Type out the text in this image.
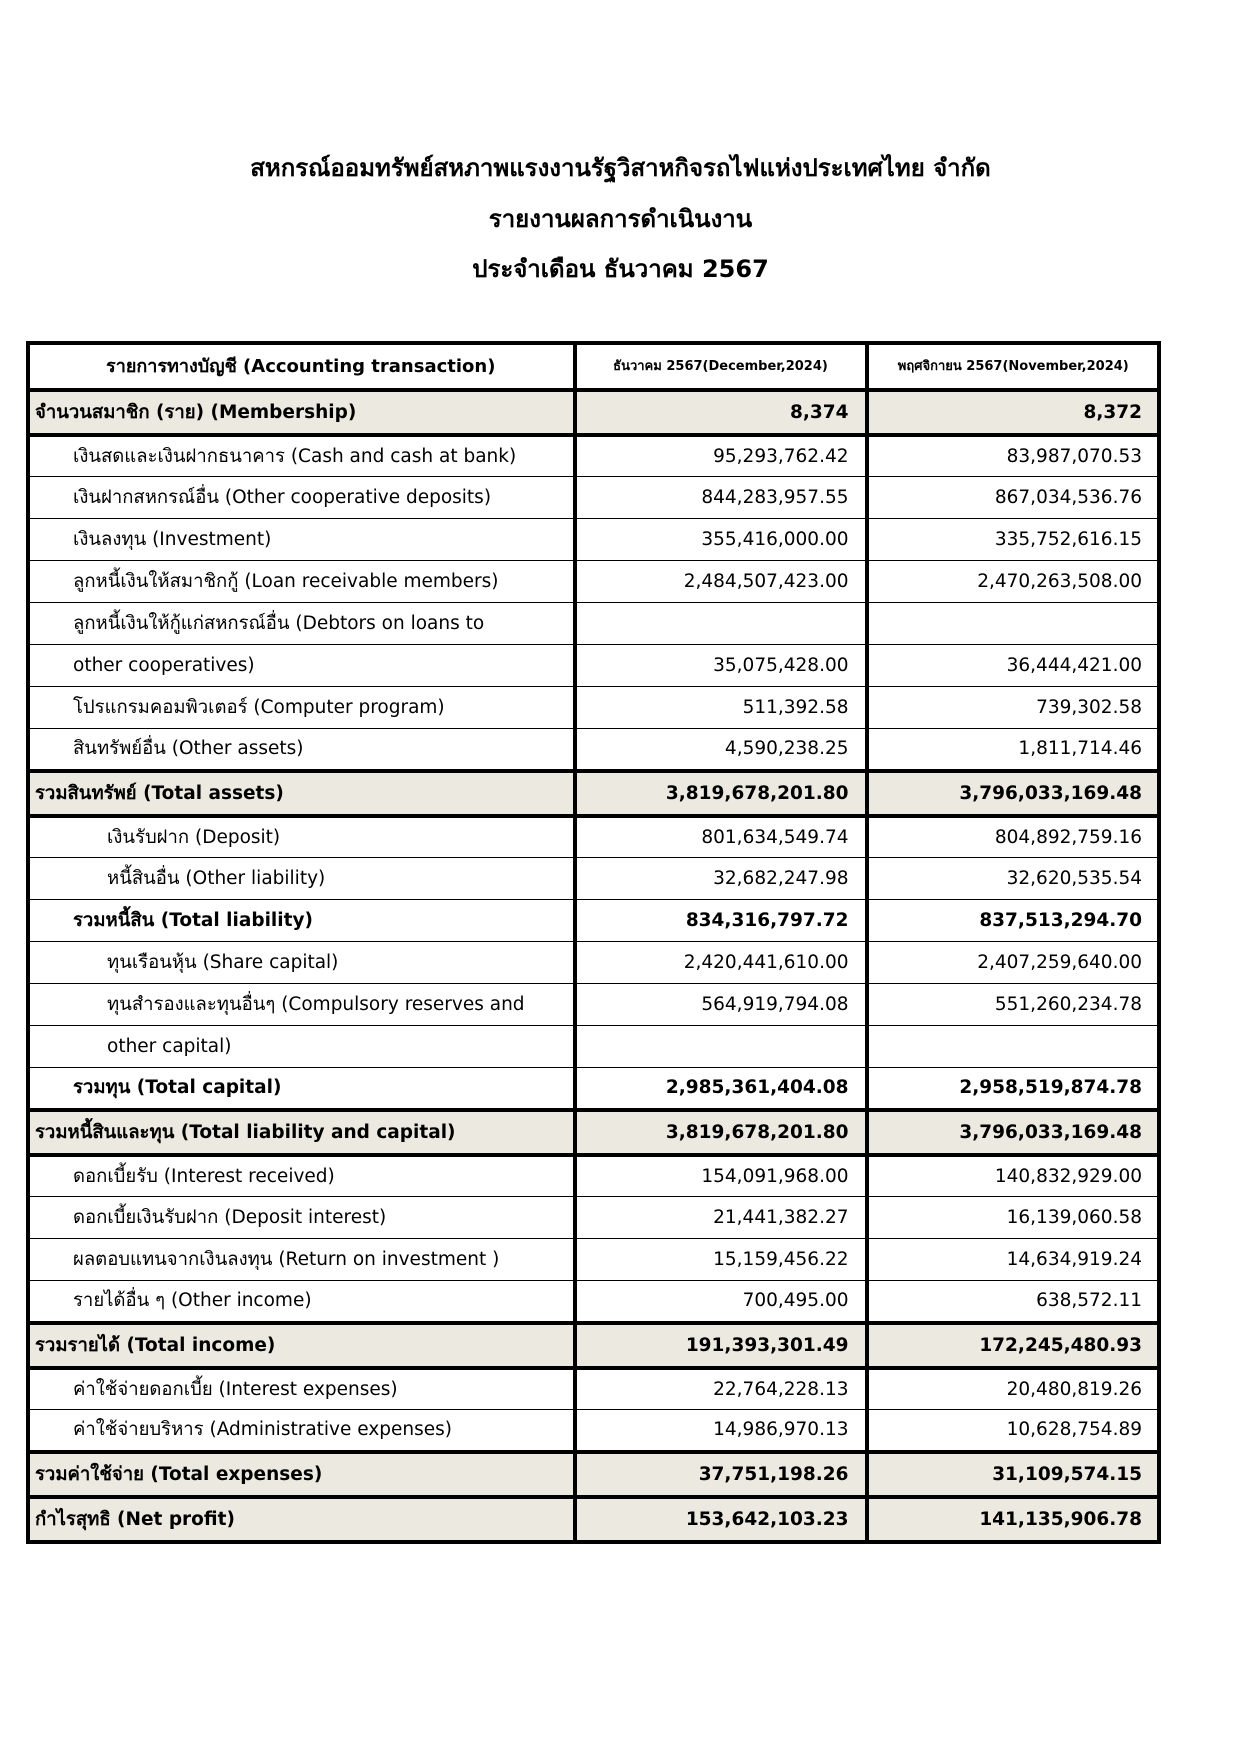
สหกรณ์ออมทรัพย์สหภาพแรงงานรัฐวิสาหกิจรถไฟแห่งประเทศไทย จำกัด
รายงานผลการดำเนินงาน
ประจำเดือน ธันวาคม 2567
รายการทางบัญชี (Accounting transaction)	ธันวาคม 2567(December,2024)	พฤศจิกายน 2567(November,2024)
จำนวนสมาชิก (ราย) (Membership)	8,374	8,372
เงินสดและเงินฝากธนาคาร (Cash and cash at bank)	95,293,762.42	83,987,070.53
เงินฝากสหกรณ์อื่น (Other cooperative deposits)	844,283,957.55	867,034,536.76
เงินลงทุน (Investment)	355,416,000.00	335,752,616.15
ลูกหนี้เงินให้สมาชิกกู้ (Loan receivable members)	2,484,507,423.00	2,470,263,508.00
ลูกหนี้เงินให้กู้แก่สหกรณ์อื่น (Debtors on loans to		
other cooperatives)	35,075,428.00	36,444,421.00
โปรแกรมคอมพิวเตอร์ (Computer program)	511,392.58	739,302.58
สินทรัพย์อื่น (Other assets)	4,590,238.25	1,811,714.46
รวมสินทรัพย์ (Total assets)	3,819,678,201.80	3,796,033,169.48
เงินรับฝาก (Deposit)	801,634,549.74	804,892,759.16
หนี้สินอื่น (Other liability)	32,682,247.98	32,620,535.54
รวมหนี้สิน (Total liability)	834,316,797.72	837,513,294.70
ทุนเรือนหุ้น (Share capital)	2,420,441,610.00	2,407,259,640.00
ทุนสำรองและทุนอื่นๆ (Compulsory reserves and	564,919,794.08	551,260,234.78
other capital)		
รวมทุน (Total capital)	2,985,361,404.08	2,958,519,874.78
รวมหนี้สินและทุน (Total liability and capital)	3,819,678,201.80	3,796,033,169.48
ดอกเบี้ยรับ (Interest received)	154,091,968.00	140,832,929.00
ดอกเบี้ยเงินรับฝาก (Deposit interest)	21,441,382.27	16,139,060.58
ผลตอบแทนจากเงินลงทุน (Return on investment )	15,159,456.22	14,634,919.24
รายได้อื่น ๆ (Other income)	700,495.00	638,572.11
รวมรายได้ (Total income)	191,393,301.49	172,245,480.93
ค่าใช้จ่ายดอกเบี้ย (Interest expenses)	22,764,228.13	20,480,819.26
ค่าใช้จ่ายบริหาร (Administrative expenses)	14,986,970.13	10,628,754.89
รวมค่าใช้จ่าย (Total expenses)	37,751,198.26	31,109,574.15
กำไรสุทธิ (Net profit)	153,642,103.23	141,135,906.78
